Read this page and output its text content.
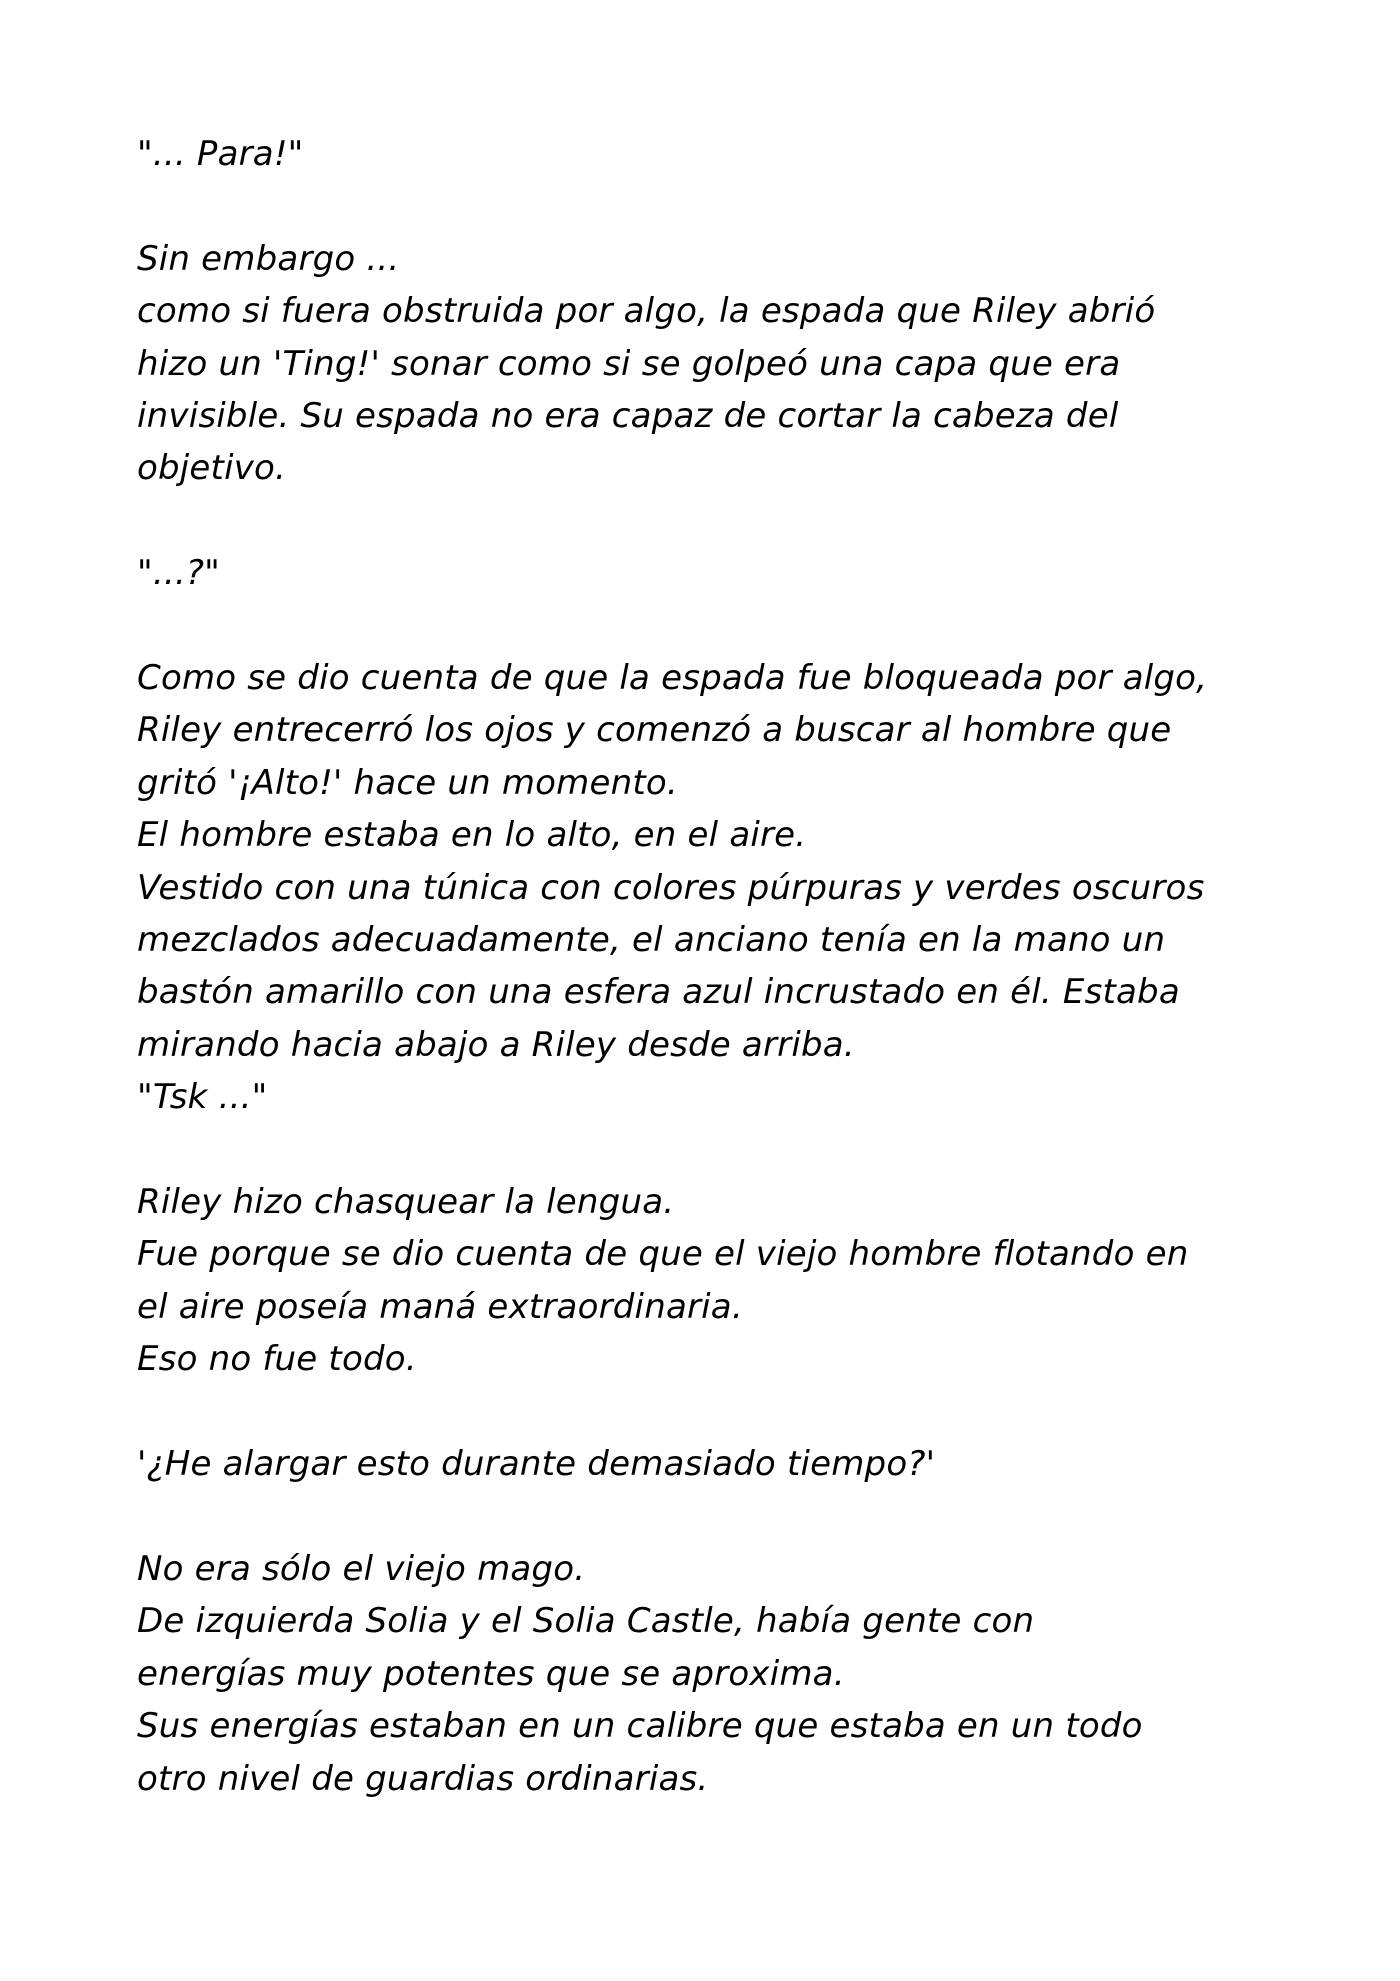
"... Para!"

Sin embargo ...
como si fuera obstruida por algo, la espada que Riley abrió
hizo un 'Ting!' sonar como si se golpeó una capa que era
invisible. Su espada no era capaz de cortar la cabeza del
objetivo.

"...?"

Como se dio cuenta de que la espada fue bloqueada por algo,
Riley entrecerró los ojos y comenzó a buscar al hombre que
gritó '¡Alto!' hace un momento.
El hombre estaba en lo alto, en el aire.
Vestido con una túnica con colores púrpuras y verdes oscuros
mezclados adecuadamente, el anciano tenía en la mano un
bastón amarillo con una esfera azul incrustado en él. Estaba
mirando hacia abajo a Riley desde arriba.
"Tsk ..."

Riley hizo chasquear la lengua.
Fue porque se dio cuenta de que el viejo hombre flotando en
el aire poseía maná extraordinaria.
Eso no fue todo.

'¿He alargar esto durante demasiado tiempo?'

No era sólo el viejo mago.
De izquierda Solia y el Solia Castle, había gente con
energías muy potentes que se aproxima.
Sus energías estaban en un calibre que estaba en un todo
otro nivel de guardias ordinarias.
